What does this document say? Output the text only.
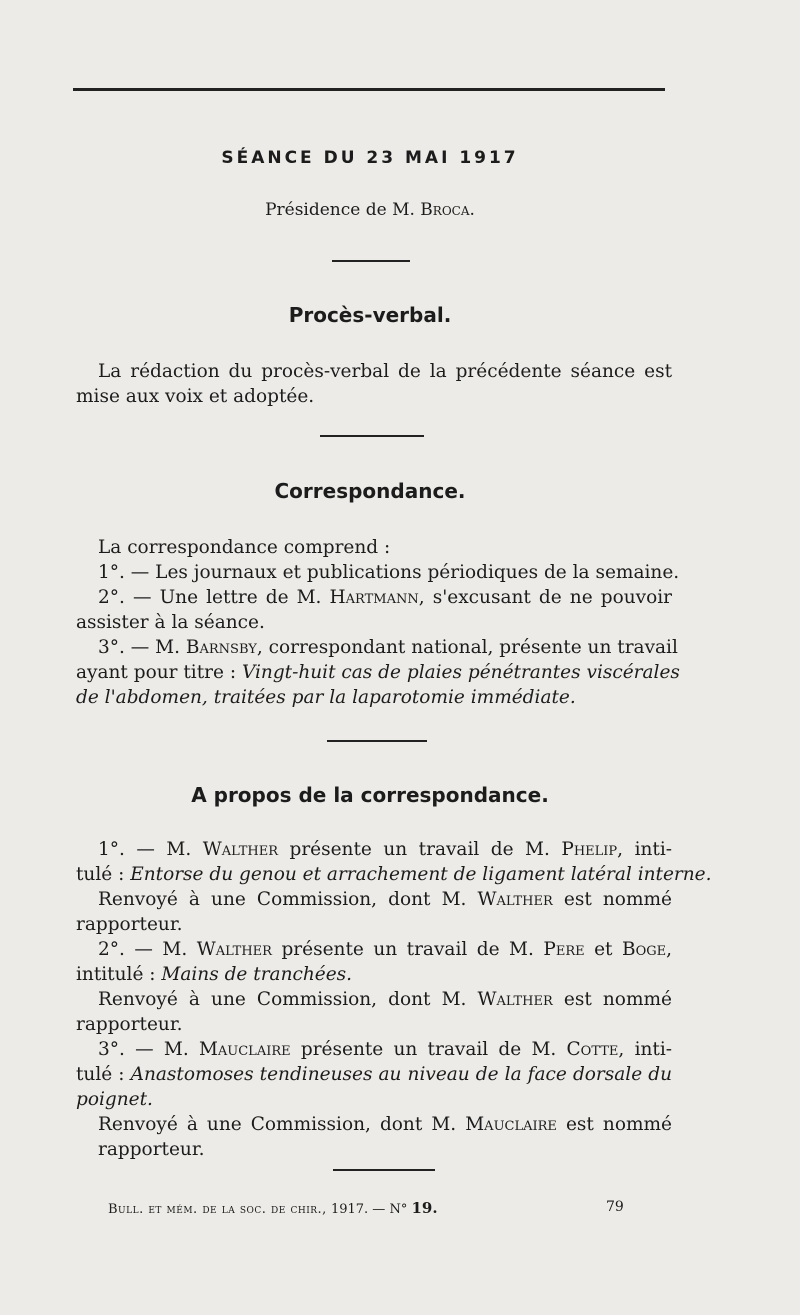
SÉANCE DU 23 MAI 1917
Présidence de M. Broca.
Procès-verbal.
La rédaction du procès-verbal de la précédente séance est
mise aux voix et adoptée.
Correspondance.
La correspondance comprend :
1°. — Les journaux et publications périodiques de la semaine.
2°. — Une lettre de M. Hartmann, s'excusant de ne pouvoir
assister à la séance.
3°. — M. Barnsby, correspondant national, présente un travail
ayant pour titre : Vingt-huit cas de plaies pénétrantes viscérales
de l'abdomen, traitées par la laparotomie immédiate.
A propos de la correspondance.
1°. — M. Walther présente un travail de M. Phelip, inti-
tulé : Entorse du genou et arrachement de ligament latéral interne.
Renvoyé à une Commission, dont M. Walther est nommé
rapporteur.
2°. — M. Walther présente un travail de M. Pere et Boge,
intitulé : Mains de tranchées.
Renvoyé à une Commission, dont M. Walther est nommé
rapporteur.
3°. — M. Mauclaire présente un travail de M. Cotte, inti-
tulé : Anastomoses tendineuses au niveau de la face dorsale du
poignet.
Renvoyé à une Commission, dont M. Mauclaire est nommé
rapporteur.
Bull. et mém. de la soc. de chir., 1917. — N° 19.	79
